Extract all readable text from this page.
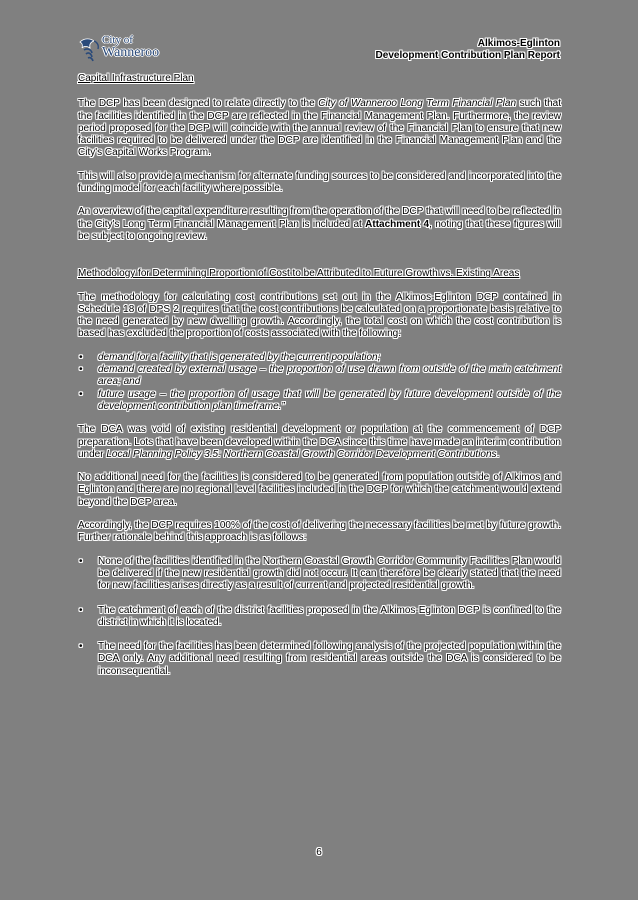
City of
Wanneroo
Alkimos-Eglinton
Development Contribution Plan Report

Capital Infrastructure Plan

The DCP has been designed to relate directly to the City of Wanneroo Long Term Financial Plan such that the facilities identified in the DCP are reflected in the Financial Management Plan. Furthermore, the review period proposed for the DCP will coincide with the annual review of the Financial Plan to ensure that new facilities required to be delivered under the DCP are identified in the Financial Management Plan and the City's Capital Works Program.

This will also provide a mechanism for alternate funding sources to be considered and incorporated into the funding model for each facility where possible.

An overview of the capital expenditure resulting from the operation of the DCP that will need to be reflected in the City's Long Term Financial Management Plan is included at Attachment 4, noting that these figures will be subject to ongoing review.

Methodology for Determining Proportion of Cost to be Attributed to Future Growth vs. Existing Areas

The methodology for calculating cost contributions set out in the Alkimos-Eglinton DCP contained in Schedule 18 of DPS 2 requires that the cost contributions be calculated on a proportionate basis relative to the need generated by new dwelling growth. Accordingly, the total cost on which the cost contribution is based has excluded the proportion of costs associated with the following:

• demand for a facility that is generated by the current population;
• demand created by external usage – the proportion of use drawn from outside of the main catchment area; and
• future usage – the proportion of usage that will be generated by future development outside of the development contribution plan timeframe.”

The DCA was void of existing residential development or population at the commencement of DCP preparation. Lots that have been developed within the DCA since this time have made an interim contribution under Local Planning Policy 3.5: Northern Coastal Growth Corridor Development Contributions.

No additional need for the facilities is considered to be generated from population outside of Alkimos and Eglinton and there are no regional level facilities included in the DCP for which the catchment would extend beyond the DCP area.

Accordingly, the DCP requires 100% of the cost of delivering the necessary facilities be met by future growth. Further rationale behind this approach is as follows:

• None of the facilities identified in the Northern Coastal Growth Corridor Community Facilities Plan would be delivered if the new residential growth did not occur. It can therefore be clearly stated that the need for new facilities arises directly as a result of current and projected residential growth.
• The catchment of each of the district facilities proposed in the Alkimos-Eglinton DCP is confined to the district in which it is located.
• The need for the facilities has been determined following analysis of the projected population within the DCA only. Any additional need resulting from residential areas outside the DCA is considered to be inconsequential.
6
